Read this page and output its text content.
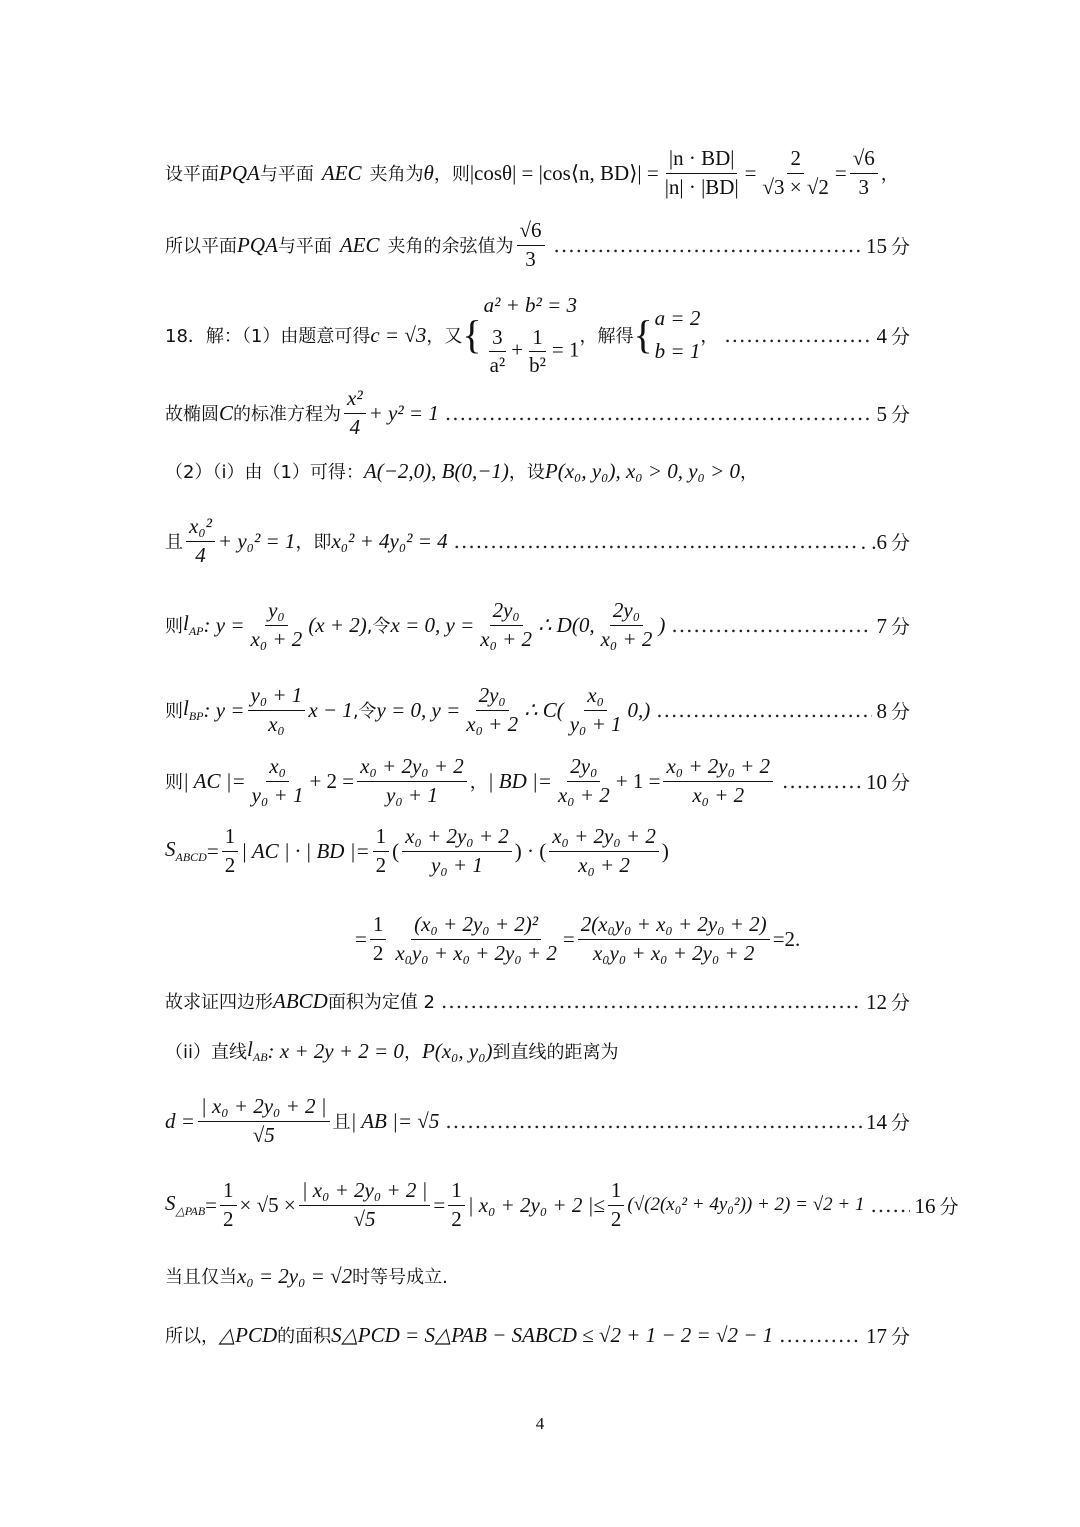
设平面 PQA 与平面 AEC 夹角为 θ ，则 |cosθ| = |cos⟨n, BD⟩| = $\frac{|n \cdot BD|}{|n| \cdot |BD|} = \frac{2}{√3 \times √2} = \frac{√6}{3}$ ，
所以平面 PQA 与平面 AEC 夹角的余弦值为 $\frac{√6}{3}$ .....	15 分
18．解：（1）由题意可得 c = √3 ，又 {
a² + b² = 3
$\frac{3}{\text{a²}} + \frac{1}{\text{b²}} = 1$
，解得 { a = 2
b = 1
， .....	4 分
故椭圆 C 的标准方程为 $\frac{\text{x²}}{4} + y^2 = 1$ .....	5 分
（2）（i）由（1）可得： A(−2,0), B(0,−1) ，设 P(x₀, y₀), x₀ > 0, y₀ > 0 ，
且 $\frac{\text{x₀²}}{4} + y_0^2 = 1$ ，即 x₀² + 4y₀² = 4 .....	. .6 分
则 $l_{AP}$ : $y = \frac{\text{y₀}}{\text{x₀ + 2}} (x + 2)$ ,令 x = 0, $y = \frac{\text{2y₀}}{\text{x₀ + 2}}$ ∴ D(0, $\frac{\text{2y₀}}{\text{x₀ + 2}}$ ) .....	7 分
则 $l_{BP}$ : $y = \frac{\text{y₀ + 1}}{\text{x₀}}$ x − 1 ,令 y = 0, $y = \frac{\text{2y₀}}{\text{x₀ + 2}}$ ∴ $C( \frac{\text{x₀}}{\text{y₀ + 1}} 0,)$ .....	8 分
则 | AC |= $\frac{\text{x₀}}{\text{y₀ + 1}} + 2 = \frac{\text{x₀ + 2y₀ + 2}}{\text{y₀ + 1}}$ ， | BD |= $\frac{\text{2y₀}}{\text{x₀ + 2}} + 1 = \frac{\text{x₀ + 2y₀ + 2}}{\text{x₀ + 2}}$ .....	10 分
$S_{ABCD} = \frac{1}{2}$ | AC | · | BD |= $\frac{1}{2}$ ( $\frac{\text{x₀ + 2y₀ + 2}}{\text{y₀ + 1}}$ ) · ( $\frac{\text{x₀ + 2y₀ + 2}}{\text{x₀ + 2}}$ )
= $\frac{1}{2} \frac{\text{(x₀ + 2y₀ + 2)²}}{\text{x₀y₀ + x₀ + 2y₀ + 2}} = \frac{\text{2(x₀y₀ + x₀ + 2y₀ + 2)}}{\text{x₀y₀ + x₀ + 2y₀ + 2}} =2$ .
故求证四边形 ABCD 面积为定值 2 .....	12 分
（ii）直线 $l_{AB}$ : x + 2y + 2 = 0 ， P(x₀, y₀) 到直线的距离为
$d = \frac{\text{| x₀ + 2y₀ + 2 |}}{√5}$ 且 | AB |= √5 .....	14 分
$S_{\triangle PAB} = \frac{1}{2} \times √5 \times \frac{\text{| x₀ + 2y₀ + 2 |}}{√5} = \frac{1}{2}$ | x₀ + 2y₀ + 2 |≤ $\frac{1}{2} (√(2(x_0^2 + 4y_0^2)) + 2) = √2 + 1$ ..... 16 分
当且仅当 x₀ = 2y₀ = √2 时等号成立.
所以， △PCD 的面积 S△PCD = S△PAB − SABCD ≤ √2 + 1 − 2 = √2 − 1 .....	17 分
4
